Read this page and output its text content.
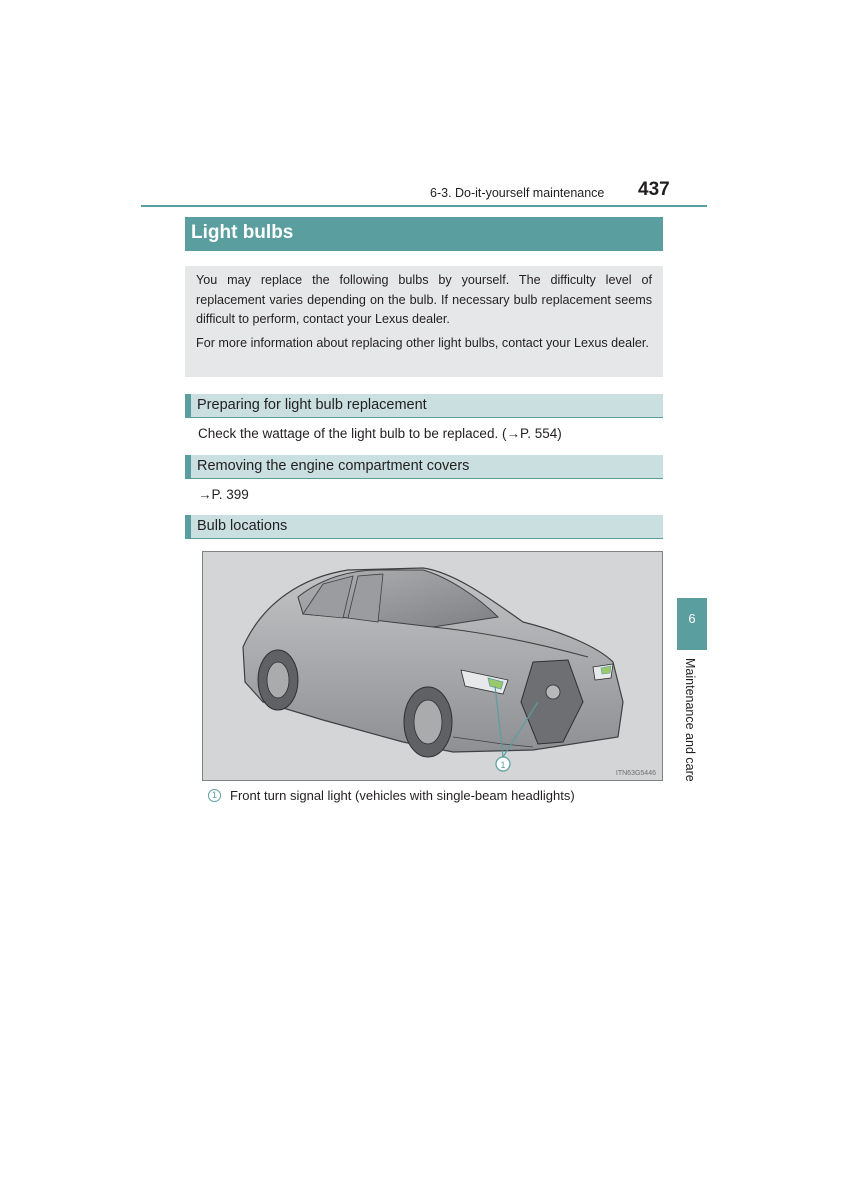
6-3. Do-it-yourself maintenance 437
Light bulbs

You may replace the following bulbs by yourself. The difficulty level of replacement varies depending on the bulb. If necessary bulb replacement seems difficult to perform, contact your Lexus dealer.

For more information about replacing other light bulbs, contact your Lexus dealer.

Preparing for light bulb replacement
Check the wattage of the light bulb to be replaced. (→P. 554)
Removing the engine compartment covers
→P. 399
Bulb locations
1
ITN63G5446
1	Front turn signal light (vehicles with single-beam headlights)
6
Maintenance and care
